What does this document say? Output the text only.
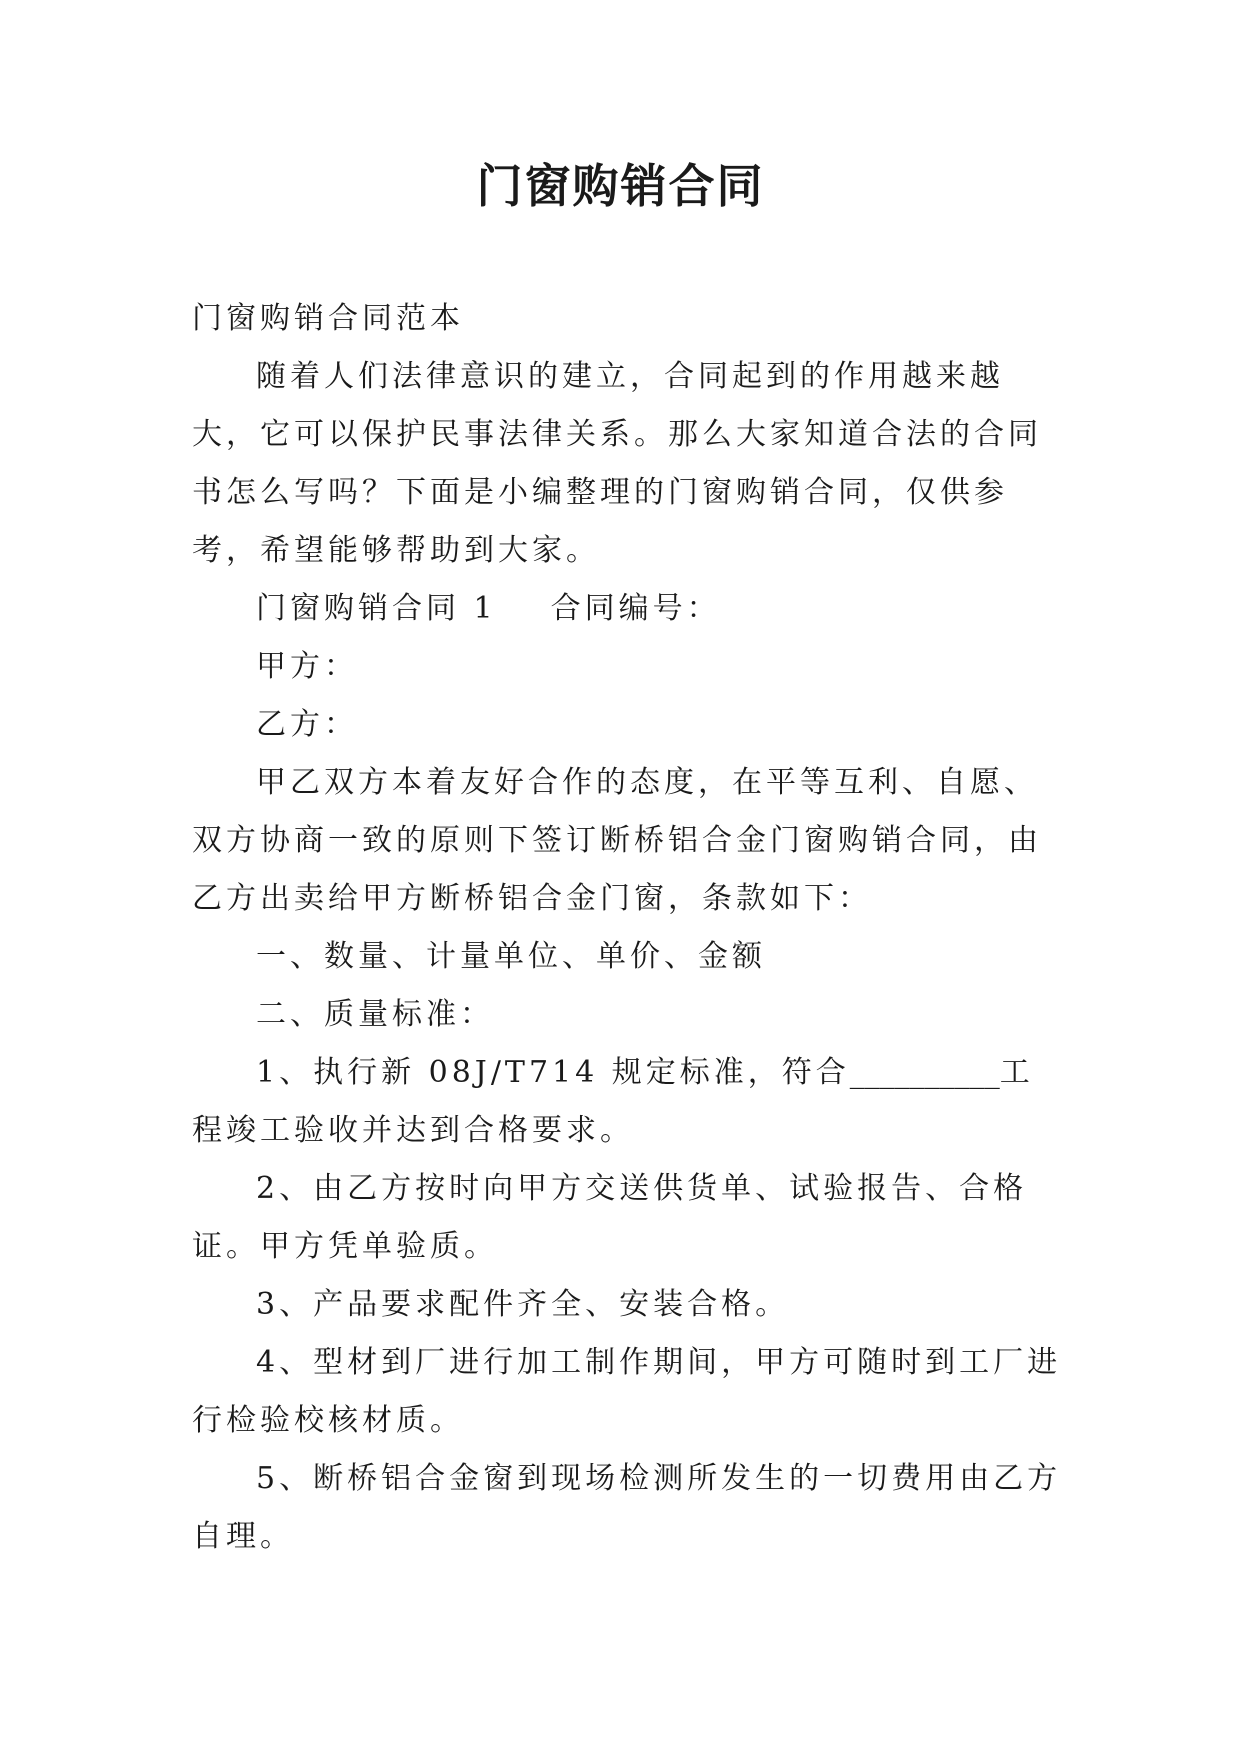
门窗购销合同

门窗购销合同范本

随着人们法律意识的建立，合同起到的作用越来越大，它可以保护民事法律关系。那么大家知道合法的合同书怎么写吗？下面是小编整理的门窗购销合同，仅供参考，希望能够帮助到大家。

门窗购销合同 1 合同编号：

甲方：

乙方：

甲乙双方本着友好合作的态度，在平等互利、自愿、双方协商一致的原则下签订断桥铝合金门窗购销合同，由乙方出卖给甲方断桥铝合金门窗，条款如下：

一、数量、计量单位、单价、金额

二、质量标准：

1、执行新 08J/T714 规定标准，符合__________工程竣工验收并达到合格要求。

2、由乙方按时向甲方交送供货单、试验报告、合格证。甲方凭单验质。

3、产品要求配件齐全、安装合格。

4、型材到厂进行加工制作期间，甲方可随时到工厂进行检验校核材质。

5、断桥铝合金窗到现场检测所发生的一切费用由乙方自理。
